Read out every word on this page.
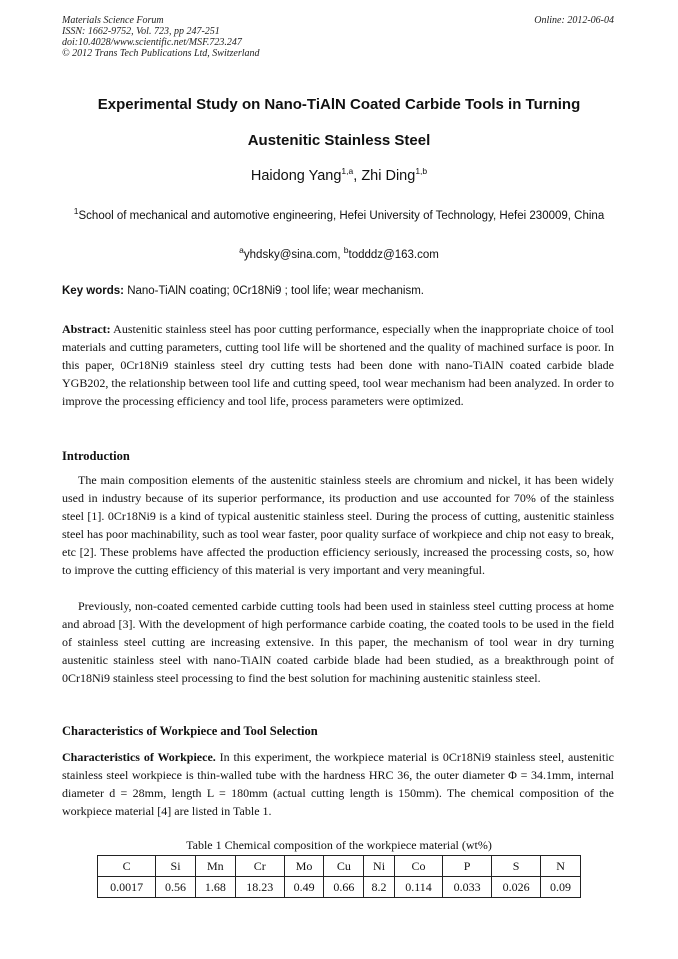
Materials Science Forum
ISSN: 1662-9752, Vol. 723, pp 247-251
doi:10.4028/www.scientific.net/MSF.723.247
© 2012 Trans Tech Publications Ltd, Switzerland
Online: 2012-06-04
Experimental Study on Nano-TiAlN Coated Carbide Tools in Turning
Austenitic Stainless Steel
Haidong Yang$^{1,a}$, Zhi Ding$^{1,b}$
$^1$School of mechanical and automotive engineering, Hefei University of Technology, Hefei 230009, China
$^a$yhdsky@sina.com, $^b$todddz@163.com
Key words: Nano-TiAlN coating; 0Cr18Ni9 ; tool life; wear mechanism.
Abstract: Austenitic stainless steel has poor cutting performance, especially when the inappropriate choice of tool materials and cutting parameters, cutting tool life will be shortened and the quality of machined surface is poor. In this paper, 0Cr18Ni9 stainless steel dry cutting tests had been done with nano-TiAlN coated carbide blade YGB202, the relationship between tool life and cutting speed, tool wear mechanism had been analyzed. In order to improve the processing efficiency and tool life, process parameters were optimized.
Introduction
The main composition elements of the austenitic stainless steels are chromium and nickel, it has been widely used in industry because of its superior performance, its production and use accounted for 70% of the stainless steel [1]. 0Cr18Ni9 is a kind of typical austenitic stainless steel. During the process of cutting, austenitic stainless steel has poor machinability, such as tool wear faster, poor quality surface of workpiece and chip not easy to break, etc [2]. These problems have affected the production efficiency seriously, increased the processing costs, so, how to improve the cutting efficiency of this material is very important and very meaningful.
Previously, non-coated cemented carbide cutting tools had been used in stainless steel cutting process at home and abroad [3]. With the development of high performance carbide coating, the coated tools to be used in the field of stainless steel cutting are increasing extensive. In this paper, the mechanism of tool wear in dry turning austenitic stainless steel with nano-TiAlN coated carbide blade had been studied, as a breakthrough point of 0Cr18Ni9 stainless steel processing to find the best solution for machining austenitic stainless steel.
Characteristics of Workpiece and Tool Selection
Characteristics of Workpiece. In this experiment, the workpiece material is 0Cr18Ni9 stainless steel, austenitic stainless steel workpiece is thin-walled tube with the hardness HRC 36, the outer diameter Φ = 34.1mm, internal diameter d = 28mm, length L = 180mm (actual cutting length is 150mm). The chemical composition of the workpiece material [4] are listed in Table 1.
Table 1 Chemical composition of the workpiece material (wt%)
C	Si	Mn	Cr	Mo	Cu	Ni	Co	P	S	N
0.0017	0.56	1.68	18.23	0.49	0.66	8.2	0.114	0.033	0.026	0.09
